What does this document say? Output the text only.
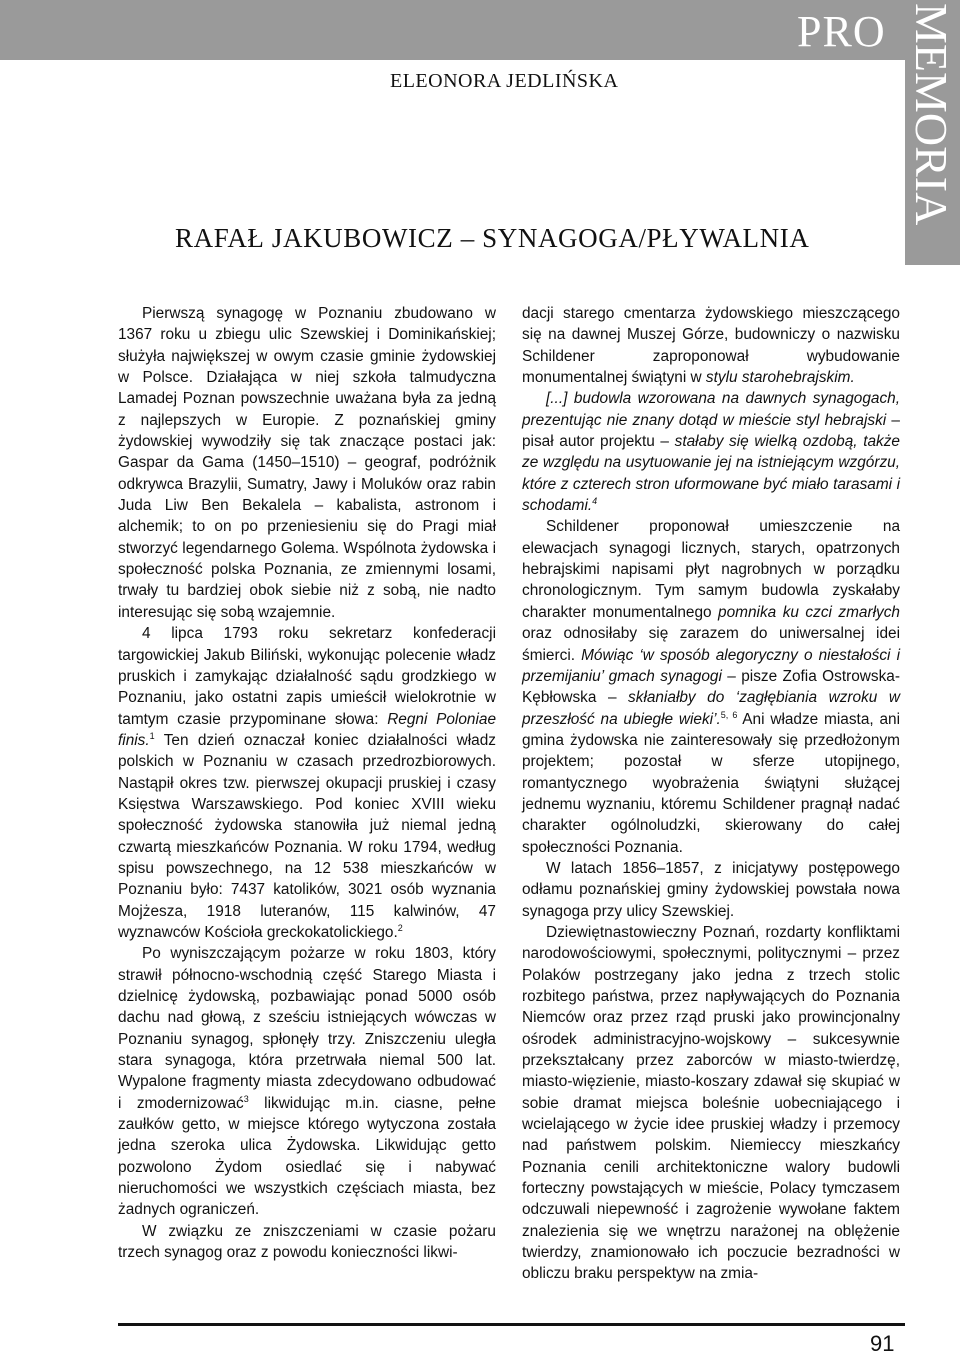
PRO MEMORIA
ELEONORA JEDLIŃSKA
RAFAŁ JAKUBOWICZ – SYNAGOGA/PŁYWALNIA

Pierwszą synagogę w Poznaniu zbudowano w 1367 roku u zbiegu ulic Szewskiej i Dominikańskiej; służyła największej w owym czasie gminie żydowskiej w Polsce. Działająca w niej szkoła talmudyczna Lamadej Poznan powszechnie uważana była za jedną z najlepszych w Europie. Z poznańskiej gminy żydowskiej wywodziły się tak znaczące postaci jak: Gaspar da Gama (1450–1510) – geograf, podróżnik odkrywca Brazylii, Sumatry, Jawy i Moluków oraz rabin Juda Liw Ben Bekalela – kabalista, astronom i alchemik; to on po przeniesieniu się do Pragi miał stworzyć legendarnego Golema. Wspólnota żydowska i społeczność polska Poznania, ze zmiennymi losami, trwały tu bardziej obok siebie niż z sobą, nie nadto interesując się sobą wzajemnie.

4 lipca 1793 roku sekretarz konfederacji targowickiej Jakub Biliński, wykonując polecenie władz pruskich i zamykając działalność sądu grodzkiego w Poznaniu, jako ostatni zapis umieścił wielokrotnie w tamtym czasie przypominane słowa: Regni Poloniae finis.$^1$ Ten dzień oznaczał koniec działalności władz polskich w Poznaniu w czasach przedrozbiorowych. Nastąpił okres tzw. pierwszej okupacji pruskiej i czasy Księstwa Warszawskiego. Pod koniec XVIII wieku społeczność żydowska stanowiła już niemal jedną czwartą mieszkańców Poznania. W roku 1794, według spisu powszechnego, na 12 538 mieszkańców w Poznaniu było: 7437 katolików, 3021 osób wyznania Mojżesza, 1918 luteranów, 115 kalwinów, 47 wyznawców Kościoła greckokatolickiego.$^2$

Po wyniszczającym pożarze w roku 1803, który strawił północno-wschodnią część Starego Miasta i dzielnicę żydowską, pozbawiając ponad 5000 osób dachu nad głową, z sześciu istniejących wówczas w Poznaniu synagog, spłonęły trzy. Zniszczeniu uległa stara synagoga, która przetrwała niemal 500 lat. Wypalone fragmenty miasta zdecydowano odbudować i zmodernizować$^3$ likwidując m.in. ciasne, pełne zaułków getto, w miejsce którego wytyczona została jedna szeroka ulica Żydowska. Likwidując getto pozwolono Żydom osiedlać się i nabywać nieruchomości we wszystkich częściach miasta, bez żadnych ograniczeń.

W związku ze zniszczeniami w czasie pożaru trzech synagog oraz z powodu konieczności likwi-

dacji starego cmentarza żydowskiego mieszczącego się na dawnej Muszej Górze, budowniczy o nazwisku Schildener zaproponował wybudowanie monumentalnej świątyni w stylu starohebrajskim.

[...] budowla wzorowana na dawnych synagogach, prezentując nie znany dotąd w mieście styl hebrajski – pisał autor projektu – stałaby się wielką ozdobą, także ze względu na usytuowanie jej na istniejącym wzgórzu, które z czterech stron uformowane być miało tarasami i schodami.$^4$

Schildener proponował umieszczenie na elewacjach synagogi licznych, starych, opatrzonych hebrajskimi napisami płyt nagrobnych w porządku chronologicznym. Tym samym budowla zyskałaby charakter monumentalnego pomnika ku czci zmarłych oraz odnosiłaby się zarazem do uniwersalnej idei śmierci. Mówiąc ‘w sposób alegoryczny o niestałości i przemijaniu’ gmach synagogi – pisze Zofia Ostrowska-Kębłowska – skłaniałby do ‘zagłębiania wzroku w przeszłość na ubiegłe wieki’.$^{5, 6}$ Ani władze miasta, ani gmina żydowska nie zainteresowały się przedłożonym projektem; pozostał w sferze utopijnego, romantycznego wyobrażenia świątyni służącej jednemu wyznaniu, któremu Schildener pragnął nadać charakter ogólnoludzki, skierowany do całej społeczności Poznania.

W latach 1856–1857, z inicjatywy postępowego odłamu poznańskiej gminy żydowskiej powstała nowa synagoga przy ulicy Szewskiej.

Dziewiętnastowieczny Poznań, rozdarty konfliktami narodowościowymi, społecznymi, politycznymi – przez Polaków postrzegany jako jedna z trzech stolic rozbitego państwa, przez napływających do Poznania Niemców oraz przez rząd pruski jako prowincjonalny ośrodek administracyjno-wojskowy – sukcesywnie przekształcany przez zaborców w miasto-twierdzę, miasto-więzienie, miasto-koszary zdawał się skupiać w sobie dramat miejsca boleśnie uobecniającego i wcielającego w życie idee pruskiej władzy i przemocy nad państwem polskim. Niemieccy mieszkańcy Poznania cenili architektoniczne walory budowli forteczny powstających w mieście, Polacy tymczasem odczuwali niepewność i zagrożenie wywołane faktem znalezienia się we wnętrzu narażonej na oblężenie twierdzy, znamionowało ich poczucie bezradności w obliczu braku perspektyw na zmia-

91
